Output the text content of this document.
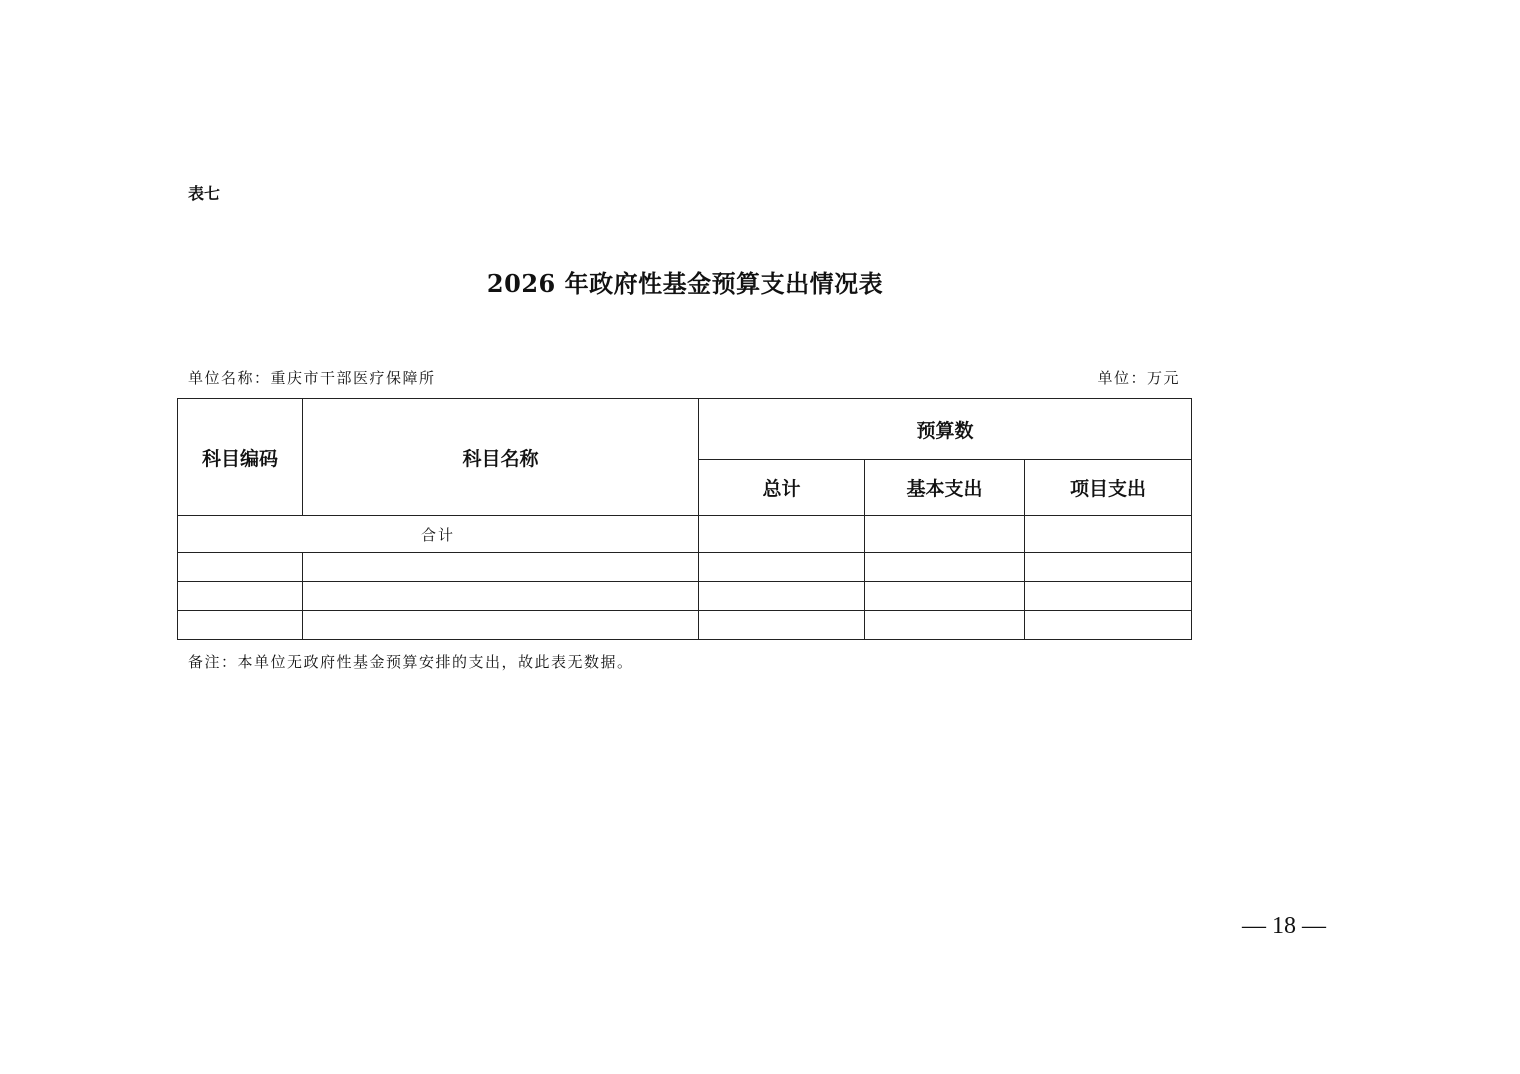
表七
2026 年政府性基金预算支出情况表
单位名称：重庆市干部医疗保障所	单位：万元
科目编码	科目名称	预算数		
		总计	基本支出	项目支出
合计				

备注：本单位无政府性基金预算安排的支出，故此表无数据。
— 18 —
